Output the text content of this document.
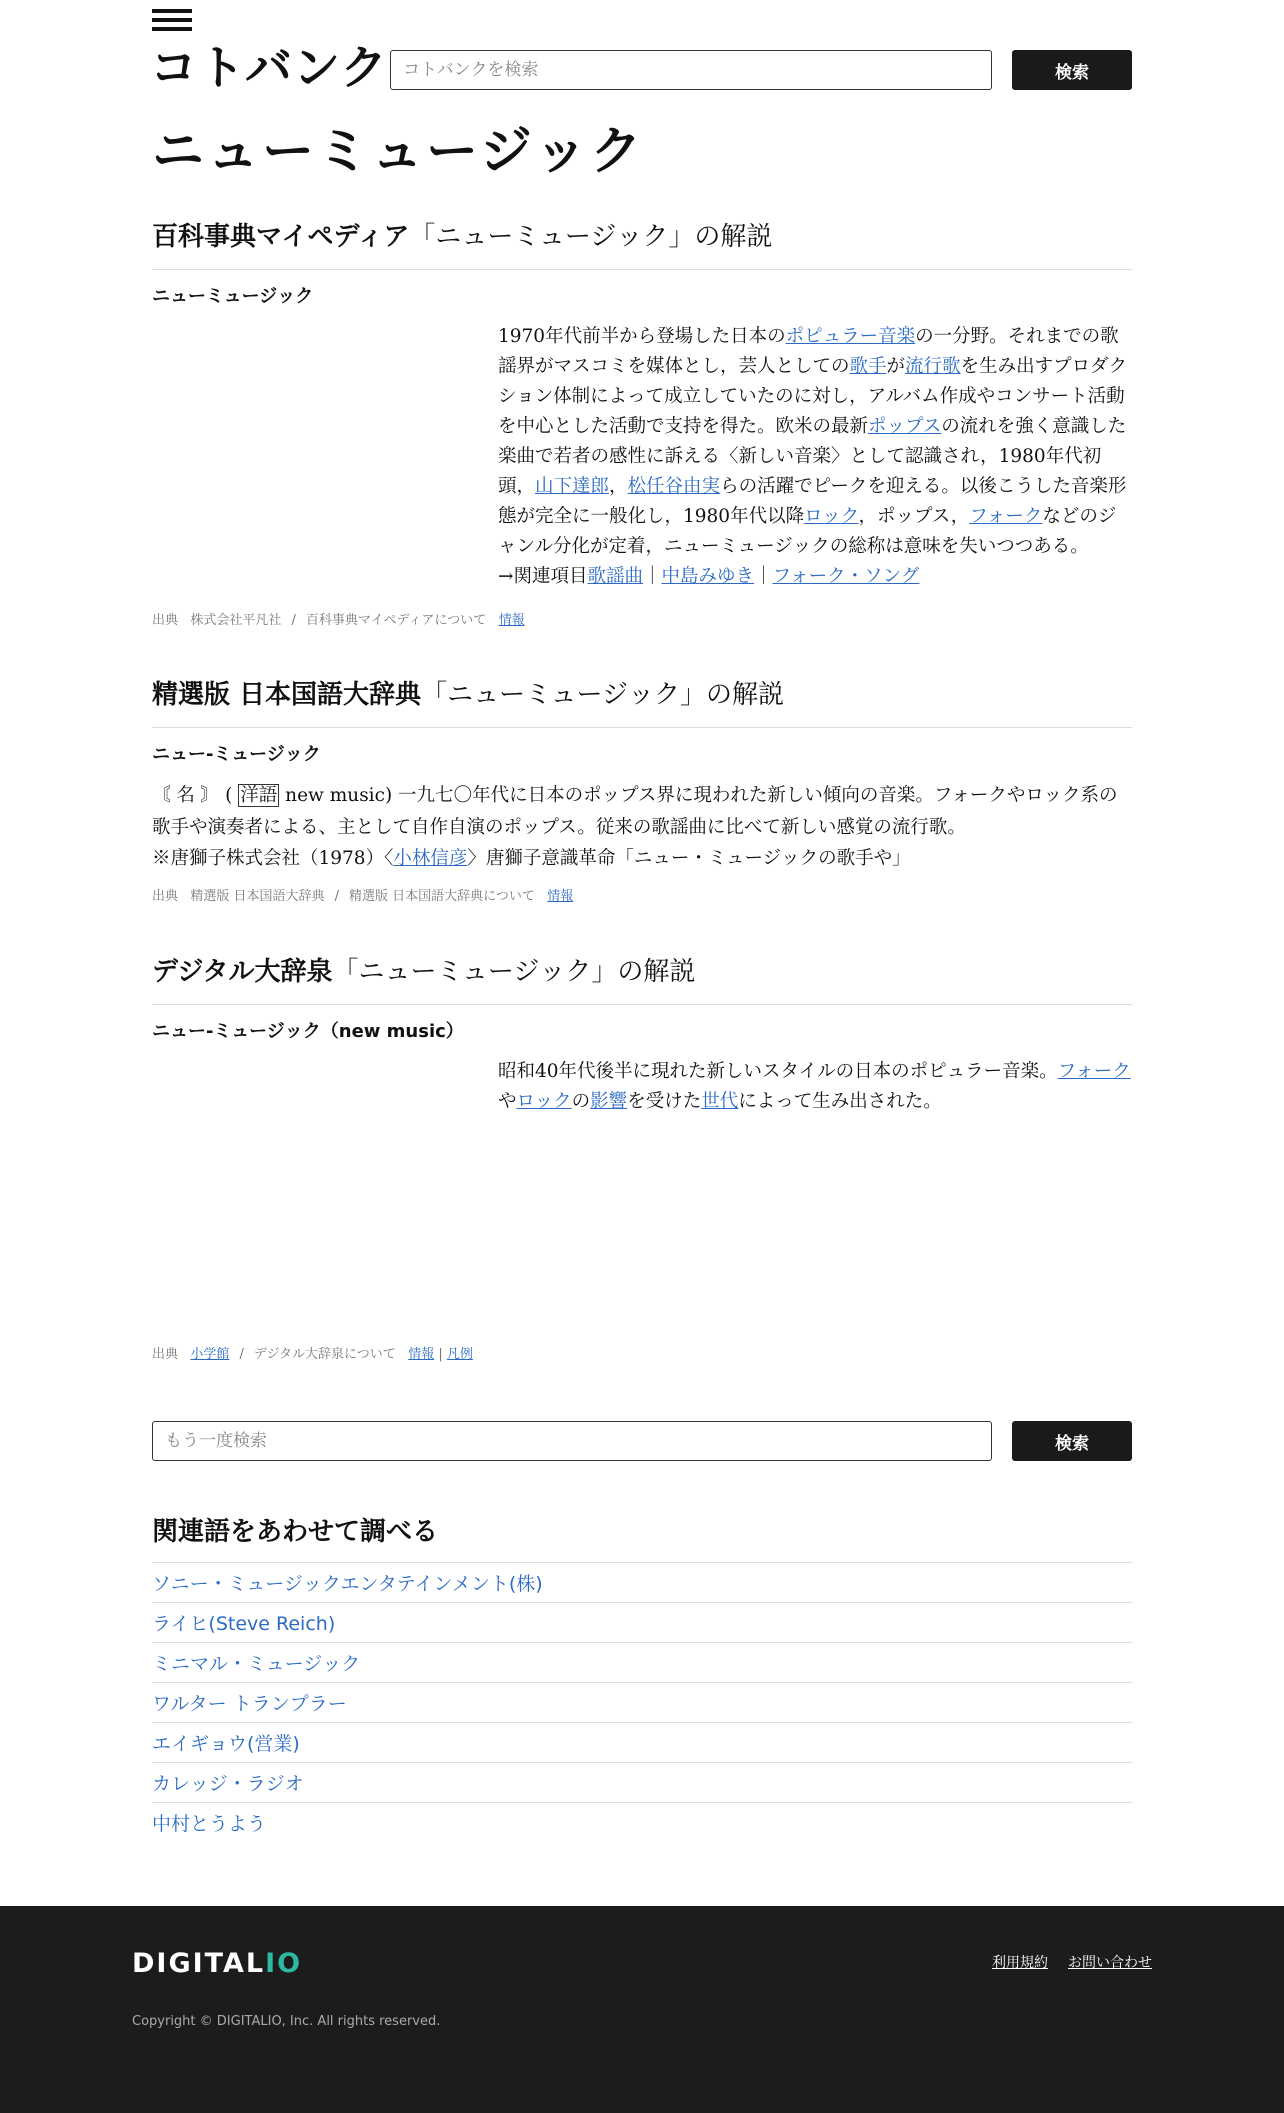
コトバンク
コトバンクを検索	検索
ニューミュージック
百科事典マイペディア「ニューミュージック」の解説
ニューミュージック
1970年代前半から登場した日本のポピュラー音楽の一分野。それまでの歌謡界がマスコミを媒体とし，芸人としての歌手が流行歌を生み出すプロダクション体制によって成立していたのに対し，アルバム作成やコンサート活動を中心とした活動で支持を得た。欧米の最新ポップスの流れを強く意識した楽曲で若者の感性に訴える〈新しい音楽〉として認識され，1980年代初頭，山下達郎，松任谷由実らの活躍でピークを迎える。以後こうした音楽形態が完全に一般化し，1980年代以降ロック，ポップス，フォークなどのジャンル分化が定着，ニューミュージックの総称は意味を失いつつある。
→関連項目歌謡曲｜中島みゆき｜フォーク・ソング
出典 株式会社平凡社 / 百科事典マイペディアについて 情報
精選版 日本国語大辞典「ニューミュージック」の解説
ニュー‐ミュージック
〘 名 〙 ( 洋語 new music) 一九七〇年代に日本のポップス界に現われた新しい傾向の音楽。フォークやロック系の歌手や演奏者による、主として自作自演のポップス。従来の歌謡曲に比べて新しい感覚の流行歌。
※唐獅子株式会社（1978）〈小林信彦〉唐獅子意識革命「ニュー・ミュージックの歌手や」
出典 精選版 日本国語大辞典 / 精選版 日本国語大辞典について 情報
デジタル大辞泉「ニューミュージック」の解説
ニュー‐ミュージック（new music）
昭和40年代後半に現れた新しいスタイルの日本のポピュラー音楽。フォークやロックの影響を受けた世代によって生み出された。
出典 小学館 / デジタル大辞泉について 情報 | 凡例
もう一度検索
検索
関連語をあわせて調べる
ソニー・ミュージックエンタテインメント(株)
ライヒ(Steve Reich)
ミニマル・ミュージック
ワルター トランプラー
エイギョウ(営業)
カレッジ・ラジオ
中村とうよう
DIGITALIO	利用規約 お問い合わせ
Copyright © DIGITALIO, Inc. All rights reserved.
